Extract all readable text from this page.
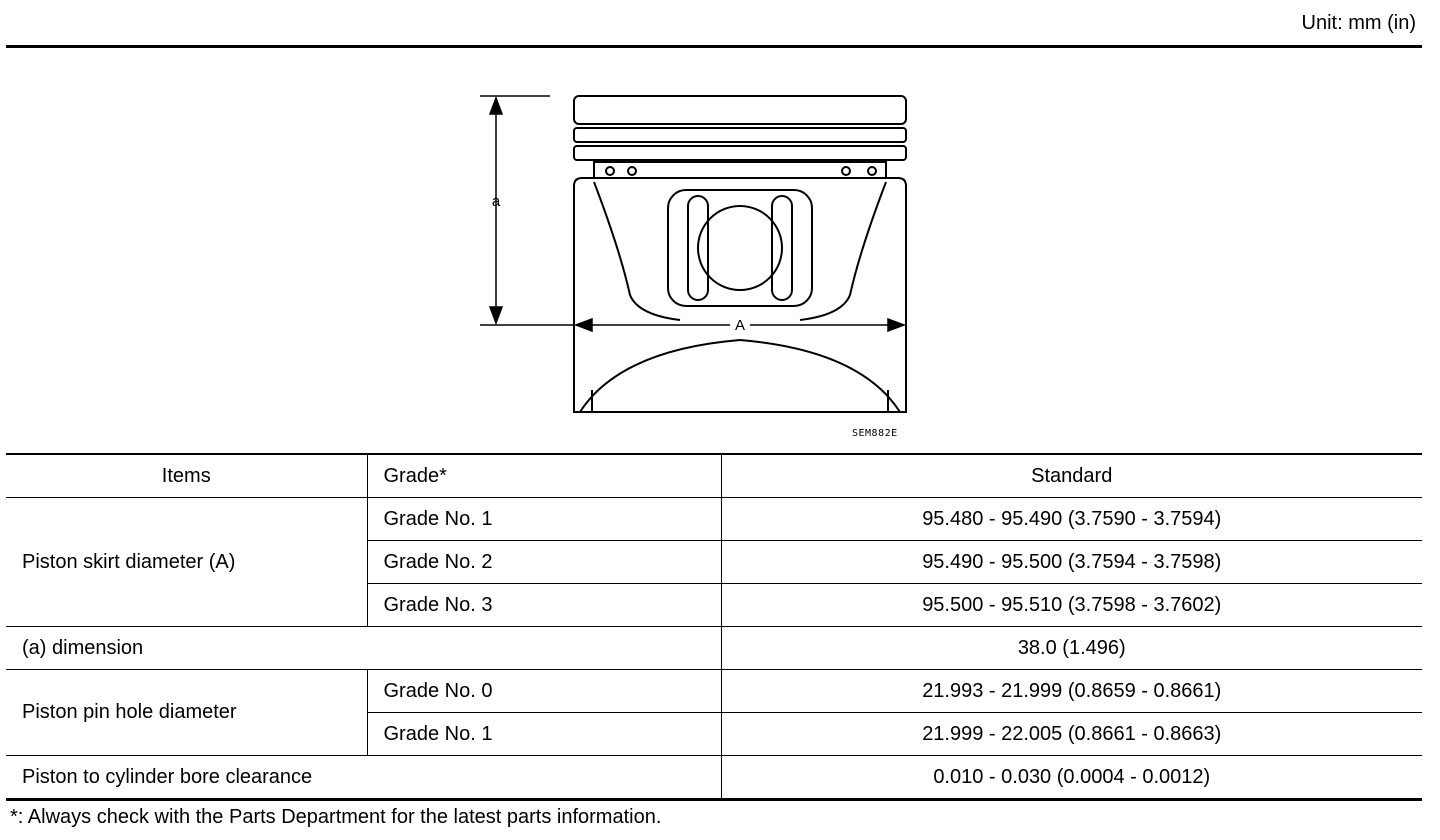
Unit: mm (in)
a
A
SEM882E
Items	Grade*	Standard
Piston skirt diameter (A)	Grade No. 1	95.480 - 95.490 (3.7590 - 3.7594)
	Grade No. 2	95.490 - 95.500 (3.7594 - 3.7598)
	Grade No. 3	95.500 - 95.510 (3.7598 - 3.7602)
(a) dimension		38.0 (1.496)
Piston pin hole diameter	Grade No. 0	21.993 - 21.999 (0.8659 - 0.8661)
	Grade No. 1	21.999 - 22.005 (0.8661 - 0.8663)
Piston to cylinder bore clearance		0.010 - 0.030 (0.0004 - 0.0012)
*: Always check with the Parts Department for the latest parts information.
